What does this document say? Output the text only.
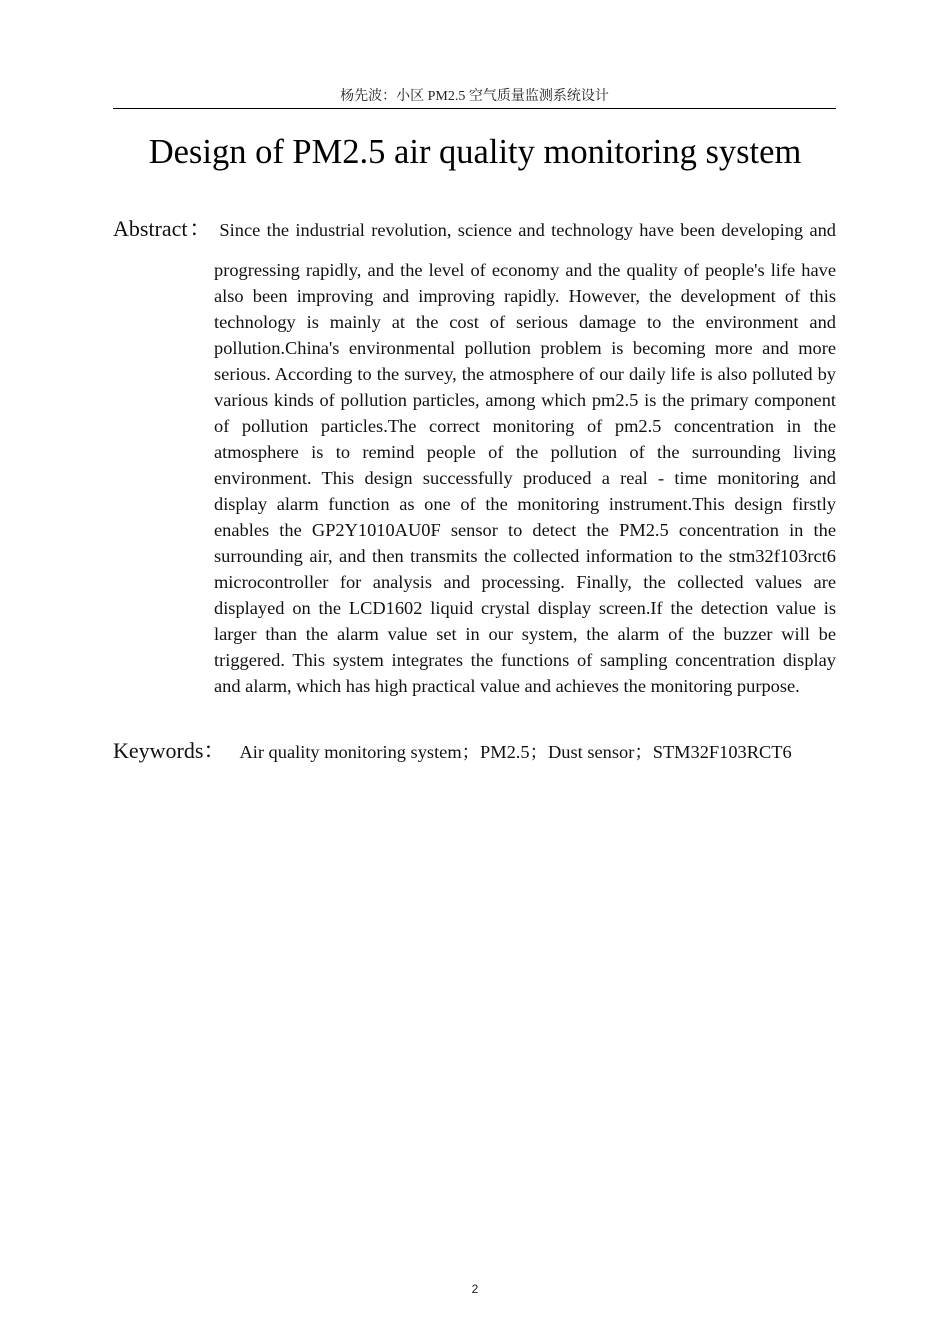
杨先波：小区 PM2.5 空气质量监测系统设计
Design of PM2.5 air quality monitoring system
Abstract： Since the industrial revolution, science and technology have been developing and

progressing rapidly, and the level of economy and the quality of people's life have also been improving and improving rapidly. However, the development of this technology is mainly at the cost of serious damage to the environment and pollution.China's environmental pollution problem is becoming more and more serious. According to the survey, the atmosphere of our daily life is also polluted by various kinds of pollution particles, among which pm2.5 is the primary component of pollution particles.The correct monitoring of pm2.5 concentration in the atmosphere is to remind people of the pollution of the surrounding living environment. This design successfully produced a real - time monitoring and display alarm function as one of the monitoring instrument.This design firstly enables the GP2Y1010AU0F sensor to detect the PM2.5 concentration in the surrounding air, and then transmits the collected information to the stm32f103rct6 microcontroller for analysis and processing. Finally, the collected values are displayed on the LCD1602 liquid crystal display screen.If the detection value is larger than the alarm value set in our system, the alarm of the buzzer will be triggered. This system integrates the functions of sampling concentration display and alarm, which has high practical value and achieves the monitoring purpose.

Keywords： Air quality monitoring system；PM2.5；Dust sensor；STM32F103RCT6
2
